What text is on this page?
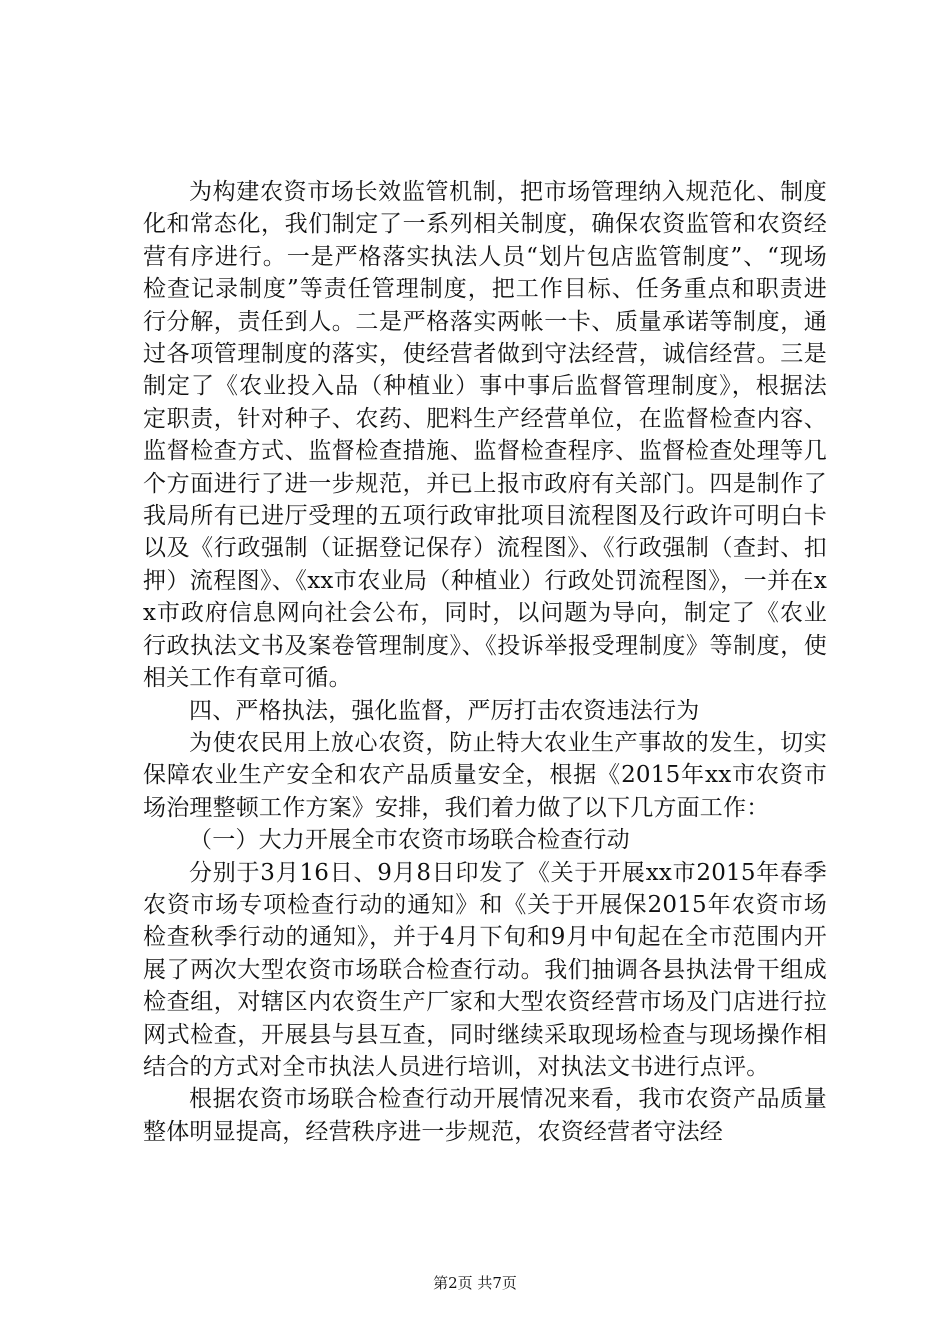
为构建农资市场长效监管机制，把市场管理纳入规范化、制度化和常态化，我们制定了一系列相关制度，确保农资监管和农资经营有序进行。一是严格落实执法人员“划片包店监管制度”、“现场检查记录制度”等责任管理制度，把工作目标、任务重点和职责进行分解，责任到人。二是严格落实两帐一卡、质量承诺等制度，通过各项管理制度的落实，使经营者做到守法经营，诚信经营。三是制定了《农业投入品（种植业）事中事后监督管理制度》，根据法定职责，针对种子、农药、肥料生产经营单位，在监督检查内容、监督检查方式、监督检查措施、监督检查程序、监督检查处理等几个方面进行了进一步规范，并已上报市政府有关部门。四是制作了我局所有已进厅受理的五项行政审批项目流程图及行政许可明白卡以及《行政强制（证据登记保存）流程图》、《行政强制（查封、扣押）流程图》、《xx市农业局（种植业）行政处罚流程图》，一并在xx市政府信息网向社会公布，同时，以问题为导向，制定了《农业行政执法文书及案卷管理制度》、《投诉举报受理制度》等制度，使相关工作有章可循。

四、严格执法，强化监督，严厉打击农资违法行为

为使农民用上放心农资，防止特大农业生产事故的发生，切实保障农业生产安全和农产品质量安全，根据《2015年xx市农资市场治理整顿工作方案》安排，我们着力做了以下几方面工作：

（一）大力开展全市农资市场联合检查行动

分别于3月16日、9月8日印发了《关于开展xx市2015年春季农资市场专项检查行动的通知》和《关于开展保2015年农资市场检查秋季行动的通知》，并于4月下旬和9月中旬起在全市范围内开展了两次大型农资市场联合检查行动。我们抽调各县执法骨干组成检查组，对辖区内农资生产厂家和大型农资经营市场及门店进行拉网式检查，开展县与县互查，同时继续采取现场检查与现场操作相结合的方式对全市执法人员进行培训，对执法文书进行点评。

根据农资市场联合检查行动开展情况来看，我市农资产品质量整体明显提高，经营秩序进一步规范，农资经营者守法经

第2页 共7页
